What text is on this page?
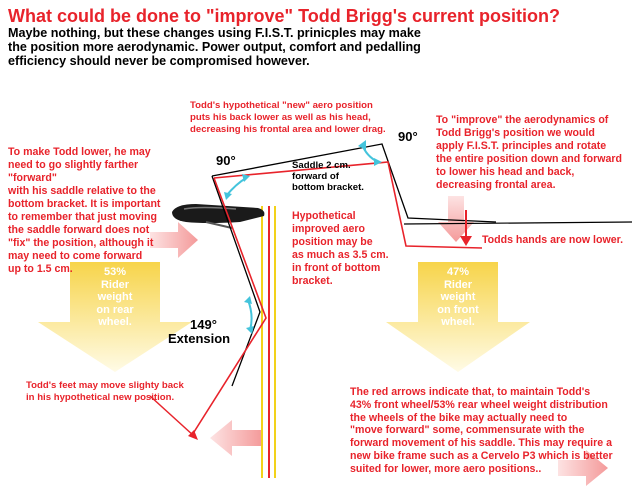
What could be done to "improve" Todd Brigg's current position?
Maybe nothing, but these changes using F.I.S.T. prinicples may make
the position more aerodynamic. Power output, comfort and pedalling
efficiency should never be compromised however.
To make Todd lower, he may
need to go slightly farther "forward"
with his saddle relative to the
bottom bracket. It is important
to remember that just moving
the saddle forward does not
"fix" the position, although it
may need to come forward
up to 1.5 cm.
Todd's hypothetical "new" aero position
puts his back lower as well as his head,
decreasing his frontal area and lower drag.
To "improve" the aerodynamics of
Todd Brigg's position we would
apply F.I.S.T. principles and rotate
the entire position down and forward
to lower his head and back,
decreasing frontal area.
Saddle 2 cm.
forward of
bottom bracket.
Hypothetical
improved aero
position may be
as much as 3.5 cm.
in front of bottom
bracket.
Todds hands are now lower.
Todd's feet may move slighty back
in his hypothetical new position.	The red arrows indicate that, to maintain Todd's
43% front wheel/53% rear wheel weight distribution
the wheels of the bike may actually need to
"move forward" some, commensurate with the
forward movement of his saddle. This may require a
new bike frame such as a Cervelo P3 which is better
suited for lower, more aero positions..
90°
90°
149°
Extension
53%
Rider
weight
on rear
wheel.
47%
Rider
weight
on front
wheel.
